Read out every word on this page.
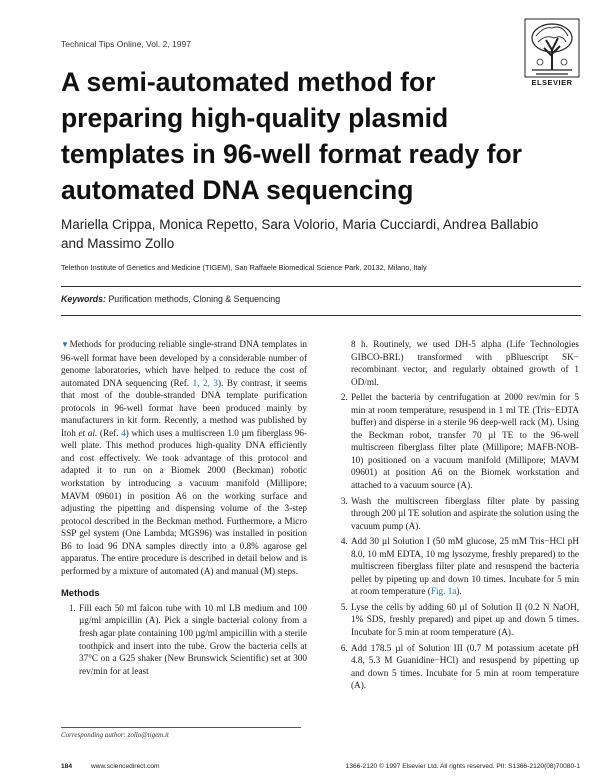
Technical Tips Online, Vol. 2, 1997
ELSEVIER
A semi-automated method for preparing high-quality plasmid templates in 96-well format ready for automated DNA sequencing
Mariella Crippa, Monica Repetto, Sara Volorio, Maria Cucciardi, Andrea Ballabio and Massimo Zollo
Telethon Institute of Genetics and Medicine (TIGEM), San Raffaele Biomedical Science Park, 20132, Milano, Italy
Keywords: Purification methods, Cloning & Sequencing

▼Methods for producing reliable single-strand DNA templates in 96-well format have been developed by a considerable number of genome laboratories, which have helped to reduce the cost of automated DNA sequencing (Ref. 1, 2, 3). By contrast, it seems that most of the double-stranded DNA template purification protocols in 96-well format have been produced mainly by manufacturers in kit form. Recently, a method was published by Itoh et al. (Ref. 4) which uses a multiscreen 1.0 µm fiberglass 96-well plate. This method produces high-quality DNA efficiently and cost effectively. We took advantage of this protocol and adapted it to run on a Biomek 2000 (Beckman) robotic workstation by introducing a vacuum manifold (Millipore; MAVM 09601) in position A6 on the working surface and adjusting the pipetting and dispensing volume of the 3-step protocol described in the Beckman method. Furthermore, a Micro SSP gel system (One Lambda; MGS96) was installed in position B6 to load 96 DNA samples directly into a 0.8% agarose gel apparatus. The entire procedure is described in detail below and is performed by a mixture of automated (A) and manual (M) steps.

Methods
1. Fill each 50 ml falcon tube with 10 ml LB medium and 100 µg/ml ampicillin (A). Pick a single bacterial colony from a fresh agar plate containing 100 µg/ml ampicillin with a sterile toothpick and insert into the tube. Grow the bacteria cells at 37°C on a G25 shaker (New Brunswick Scientific) set at 300 rev/min for at least

8 h. Routinely, we used DH-5 alpha (Life Technologies GIBCO-BRL) transformed with pBluescript SK− recombinant vector, and regularly obtained growth of 1 OD/ml.

2. Pellet the bacteria by centrifugation at 2000 rev/min for 5 min at room temperature, resuspend in 1 ml TE (Tris−EDTA buffer) and disperse in a sterile 96 deep-well rack (M). Using the Beckman robot, transfer 70 µl TE to the 96-well multiscreen fiberglass filter plate (Millipore; MAFB-NOB-10) positioned on a vacuum manifold (Millipore; MAVM 09601) at position A6 on the Biomek workstation and attached to a vacuum source (A).
3. Wash the multiscreen fiberglass filter plate by passing through 200 µl TE solution and aspirate the solution using the vacuum pump (A).
4. Add 30 µl Solution I (50 mM glucose, 25 mM Tris−HCl pH 8.0, 10 mM EDTA, 10 mg lysozyme, freshly prepared) to the multiscreen fiberglass filter plate and resuspend the bacteria pellet by pipeting up and down 10 times. Incubate for 5 min at room temperature (Fig. 1a).
5. Lyse the cells by adding 60 µl of Solution II (0.2 N NaOH, 1% SDS, freshly prepared) and pipet up and down 5 times. Incubate for 5 min at room temperature (A).
6. Add 178.5 µl of Solution III (0.7 M potassium acetate pH 4.8, 5.3 M Guanidine−HCl) and resuspend by pipetting up and down 5 times. Incubate for 5 min at room temperature (A).
Corresponding author: zollo@tigem.it
184	www.sciencedirect.com	1366-2120 © 1997 Elsevier Ltd. All rights reserved. PII: S1366-2120(08)70080-1
